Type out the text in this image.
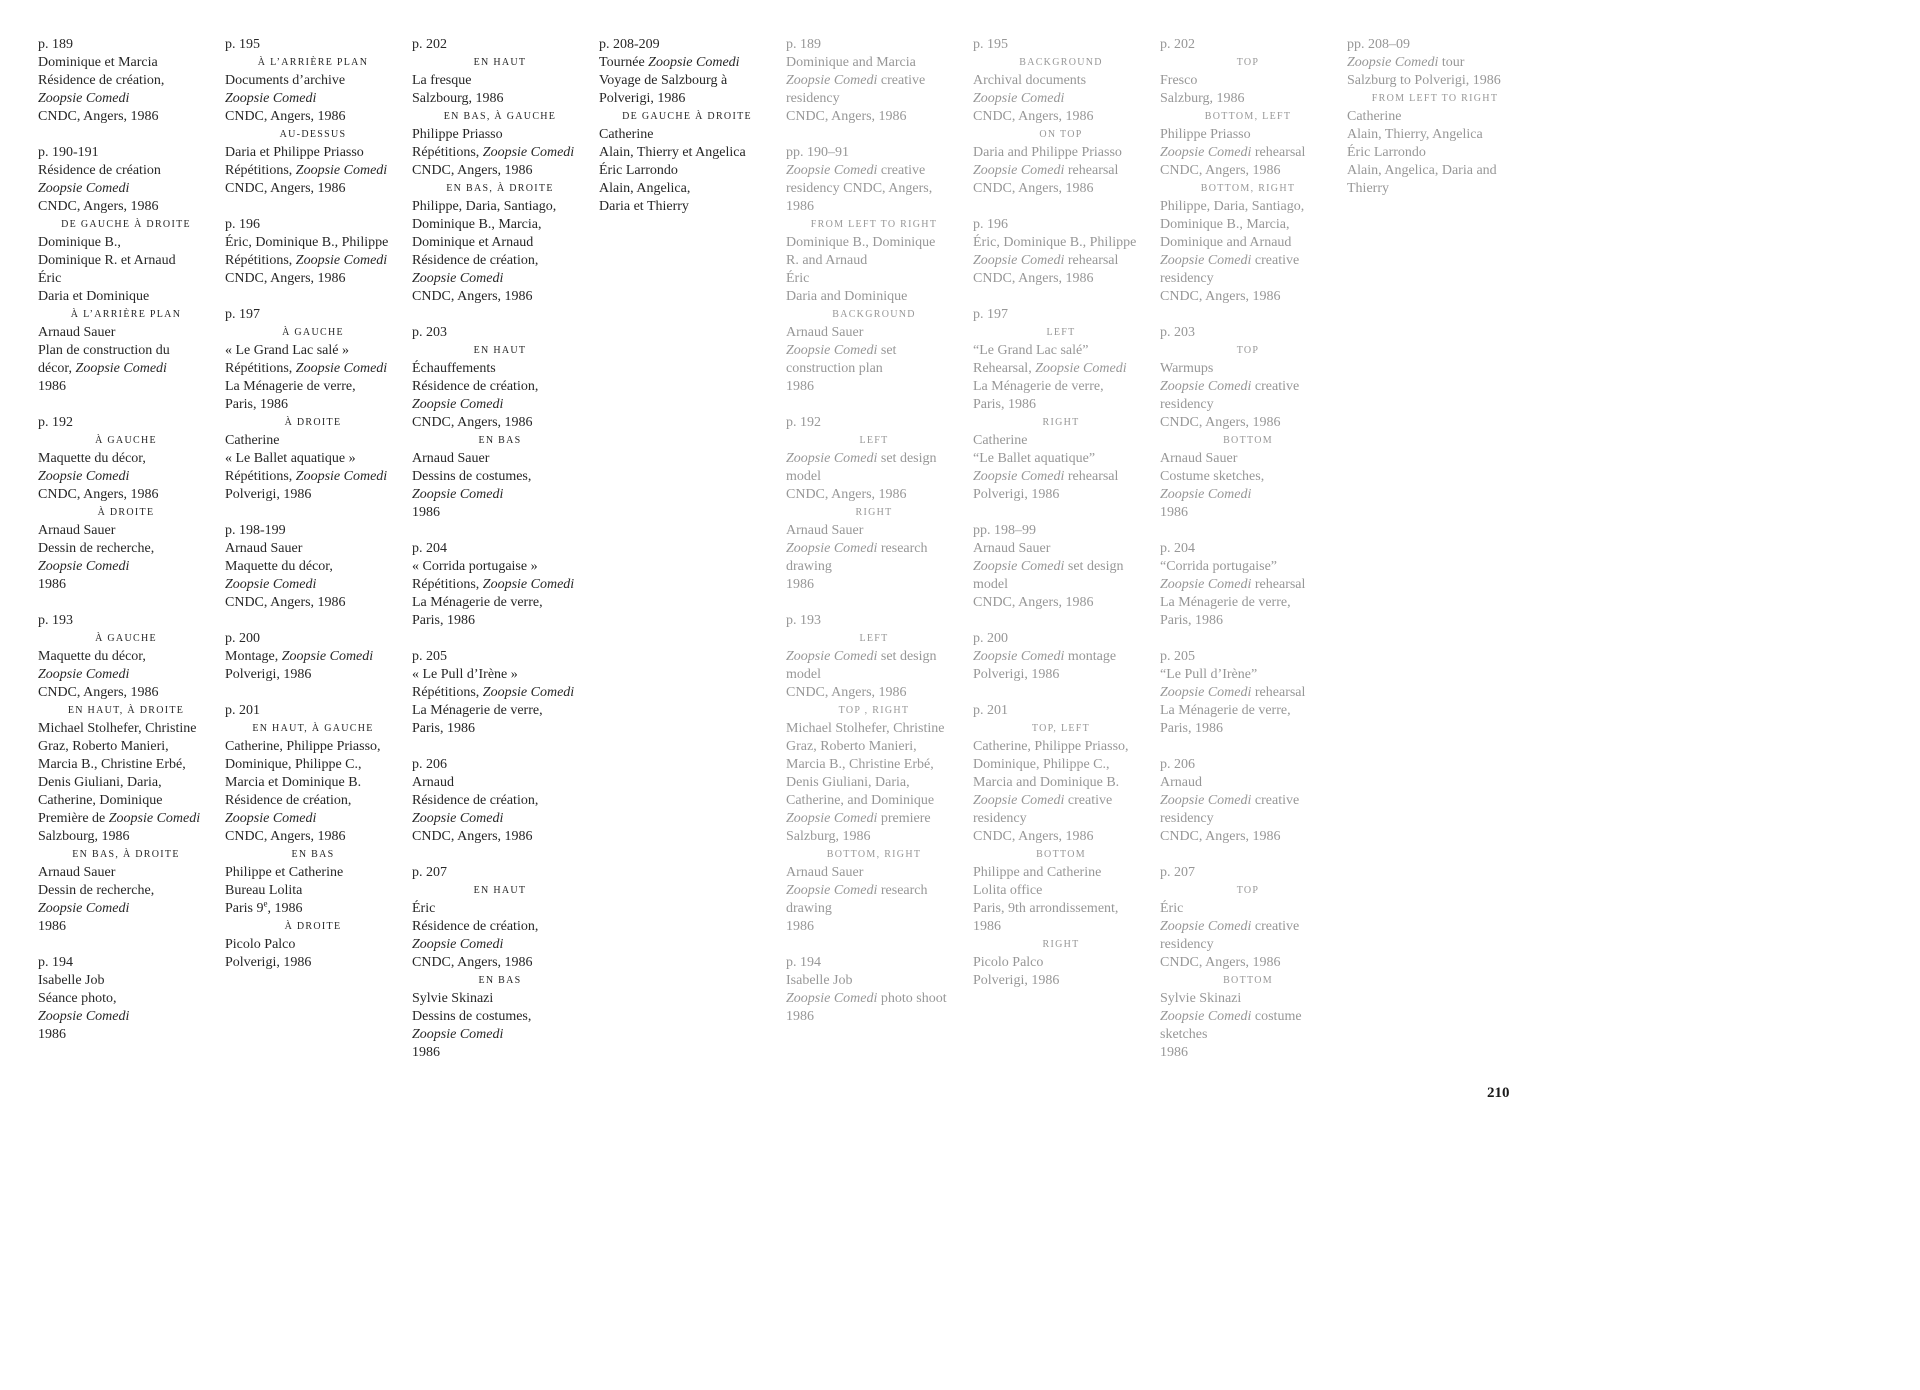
p. 189
Dominique et Marcia
Résidence de création,
Zoopsie Comedi
CNDC, Angers, 1986
p. 190-191
Résidence de création
Zoopsie Comedi
CNDC, Angers, 1986
DE GAUCHE À DROITE
Dominique B.,
Dominique R. et Arnaud
Éric
Daria et Dominique
À L’ARRIÈRE PLAN
Arnaud Sauer
Plan de construction du
décor, Zoopsie Comedi
1986
p. 192
À GAUCHE
Maquette du décor,
Zoopsie Comedi
CNDC, Angers, 1986
À DROITE
Arnaud Sauer
Dessin de recherche,
Zoopsie Comedi
1986
p. 193
À GAUCHE
Maquette du décor,
Zoopsie Comedi
CNDC, Angers, 1986
EN HAUT, À DROITE
Michael Stolhefer, Christine
Graz, Roberto Manieri,
Marcia B., Christine Erbé,
Denis Giuliani, Daria,
Catherine, Dominique
Première de Zoopsie Comedi
Salzbourg, 1986
EN BAS, À DROITE
Arnaud Sauer
Dessin de recherche,
Zoopsie Comedi
1986
p. 194
Isabelle Job
Séance photo,
Zoopsie Comedi
1986
p. 195
À L’ARRIÈRE PLAN
Documents d’archive
Zoopsie Comedi
CNDC, Angers, 1986
AU-DESSUS
Daria et Philippe Priasso
Répétitions, Zoopsie Comedi
CNDC, Angers, 1986
p. 196
Éric, Dominique B., Philippe
Répétitions, Zoopsie Comedi
CNDC, Angers, 1986
p. 197
À GAUCHE
« Le Grand Lac salé »
Répétitions, Zoopsie Comedi
La Ménagerie de verre,
Paris, 1986
À DROITE
Catherine
« Le Ballet aquatique »
Répétitions, Zoopsie Comedi
Polverigi, 1986
p. 198-199
Arnaud Sauer
Maquette du décor,
Zoopsie Comedi
CNDC, Angers, 1986
p. 200
Montage, Zoopsie Comedi
Polverigi, 1986
p. 201
EN HAUT, À GAUCHE
Catherine, Philippe Priasso,
Dominique, Philippe C.,
Marcia et Dominique B.
Résidence de création,
Zoopsie Comedi
CNDC, Angers, 1986
EN BAS
Philippe et Catherine
Bureau Lolita
Paris 9e, 1986
À DROITE
Picolo Palco
Polverigi, 1986
p. 202
EN HAUT
La fresque
Salzbourg, 1986
EN BAS, À GAUCHE
Philippe Priasso
Répétitions, Zoopsie Comedi
CNDC, Angers, 1986
EN BAS, À DROITE
Philippe, Daria, Santiago,
Dominique B., Marcia,
Dominique et Arnaud
Résidence de création,
Zoopsie Comedi
CNDC, Angers, 1986
p. 203
EN HAUT
Échauffements
Résidence de création,
Zoopsie Comedi
CNDC, Angers, 1986
EN BAS
Arnaud Sauer
Dessins de costumes,
Zoopsie Comedi
1986
p. 204
« Corrida portugaise »
Répétitions, Zoopsie Comedi
La Ménagerie de verre,
Paris, 1986
p. 205
« Le Pull d’Irène »
Répétitions, Zoopsie Comedi
La Ménagerie de verre,
Paris, 1986
p. 206
Arnaud
Résidence de création,
Zoopsie Comedi
CNDC, Angers, 1986
p. 207
EN HAUT
Éric
Résidence de création,
Zoopsie Comedi
CNDC, Angers, 1986
EN BAS
Sylvie Skinazi
Dessins de costumes,
Zoopsie Comedi
1986
p. 208-209
Tournée Zoopsie Comedi
Voyage de Salzbourg à
Polverigi, 1986
DE GAUCHE À DROITE
Catherine
Alain, Thierry et Angelica
Éric Larrondo
Alain, Angelica,
Daria et Thierry
p. 189
Dominique and Marcia
Zoopsie Comedi creative
residency
CNDC, Angers, 1986
pp. 190–91
Zoopsie Comedi creative
residency CNDC, Angers,
1986
FROM LEFT TO RIGHT
Dominique B., Dominique
R. and Arnaud
Éric
Daria and Dominique
BACKGROUND
Arnaud Sauer
Zoopsie Comedi set
construction plan
1986
p. 192
LEFT
Zoopsie Comedi set design
model
CNDC, Angers, 1986
RIGHT
Arnaud Sauer
Zoopsie Comedi research
drawing
1986
p. 193
LEFT
Zoopsie Comedi set design
model
CNDC, Angers, 1986
TOP , RIGHT
Michael Stolhefer, Christine
Graz, Roberto Manieri,
Marcia B., Christine Erbé,
Denis Giuliani, Daria,
Catherine, and Dominique
Zoopsie Comedi premiere
Salzburg, 1986
BOTTOM, RIGHT
Arnaud Sauer
Zoopsie Comedi research
drawing
1986
p. 194
Isabelle Job
Zoopsie Comedi photo shoot
1986
p. 195
BACKGROUND
Archival documents
Zoopsie Comedi
CNDC, Angers, 1986
ON TOP
Daria and Philippe Priasso
Zoopsie Comedi rehearsal
CNDC, Angers, 1986
p. 196
Éric, Dominique B., Philippe
Zoopsie Comedi rehearsal
CNDC, Angers, 1986
p. 197
LEFT
“Le Grand Lac salé”
Rehearsal, Zoopsie Comedi
La Ménagerie de verre,
Paris, 1986
RIGHT
Catherine
“Le Ballet aquatique”
Zoopsie Comedi rehearsal
Polverigi, 1986
pp. 198–99
Arnaud Sauer
Zoopsie Comedi set design
model
CNDC, Angers, 1986
p. 200
Zoopsie Comedi montage
Polverigi, 1986
p. 201
TOP, LEFT
Catherine, Philippe Priasso,
Dominique, Philippe C.,
Marcia and Dominique B.
Zoopsie Comedi creative
residency
CNDC, Angers, 1986
BOTTOM
Philippe and Catherine
Lolita office
Paris, 9th arrondissement,
1986
RIGHT
Picolo Palco
Polverigi, 1986
p. 202
TOP
Fresco
Salzburg, 1986
BOTTOM, LEFT
Philippe Priasso
Zoopsie Comedi rehearsal
CNDC, Angers, 1986
BOTTOM, RIGHT
Philippe, Daria, Santiago,
Dominique B., Marcia,
Dominique and Arnaud
Zoopsie Comedi creative
residency
CNDC, Angers, 1986
p. 203
TOP
Warmups
Zoopsie Comedi creative
residency
CNDC, Angers, 1986
BOTTOM
Arnaud Sauer
Costume sketches,
Zoopsie Comedi
1986
p. 204
“Corrida portugaise”
Zoopsie Comedi rehearsal
La Ménagerie de verre,
Paris, 1986
p. 205
“Le Pull d’Irène”
Zoopsie Comedi rehearsal
La Ménagerie de verre,
Paris, 1986
p. 206
Arnaud
Zoopsie Comedi creative
residency
CNDC, Angers, 1986
p. 207
TOP
Éric
Zoopsie Comedi creative
residency
CNDC, Angers, 1986
BOTTOM
Sylvie Skinazi
Zoopsie Comedi costume
sketches
1986
pp. 208–09
Zoopsie Comedi tour
Salzburg to Polverigi, 1986
FROM LEFT TO RIGHT
Catherine
Alain, Thierry, Angelica
Éric Larrondo
Alain, Angelica, Daria and
Thierry
210
